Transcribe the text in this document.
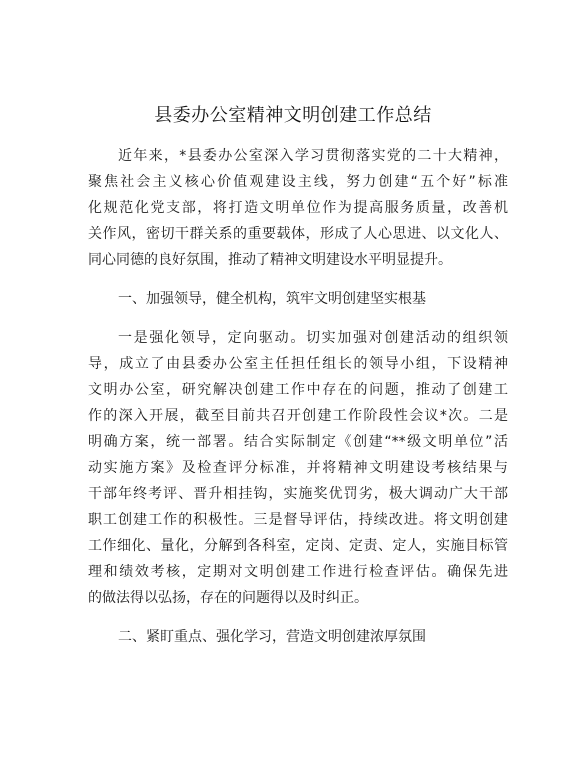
县委办公室精神文明创建工作总结
近年来，*县委办公室深入学习贯彻落实党的二十大精神，
聚焦社会主义核心价值观建设主线，努力创建“五个好”标准
化规范化党支部，将打造文明单位作为提高服务质量，改善机
关作风，密切干群关系的重要载体，形成了人心思进、以文化人、
同心同德的良好氛围，推动了精神文明建设水平明显提升。
一、加强领导，健全机构，筑牢文明创建坚实根基
一是强化领导，定向驱动。切实加强对创建活动的组织领
导，成立了由县委办公室主任担任组长的领导小组，下设精神
文明办公室，研究解决创建工作中存在的问题，推动了创建工
作的深入开展，截至目前共召开创建工作阶段性会议*次。二是
明确方案，统一部署。结合实际制定《创建“**级文明单位”活
动实施方案》及检查评分标准，并将精神文明建设考核结果与
干部年终考评、晋升相挂钩，实施奖优罚劣，极大调动广大干部
职工创建工作的积极性。三是督导评估，持续改进。将文明创建
工作细化、量化，分解到各科室，定岗、定责、定人，实施目标管
理和绩效考核，定期对文明创建工作进行检查评估。确保先进
的做法得以弘扬，存在的问题得以及时纠正。
二、紧盯重点、强化学习，营造文明创建浓厚氛围
